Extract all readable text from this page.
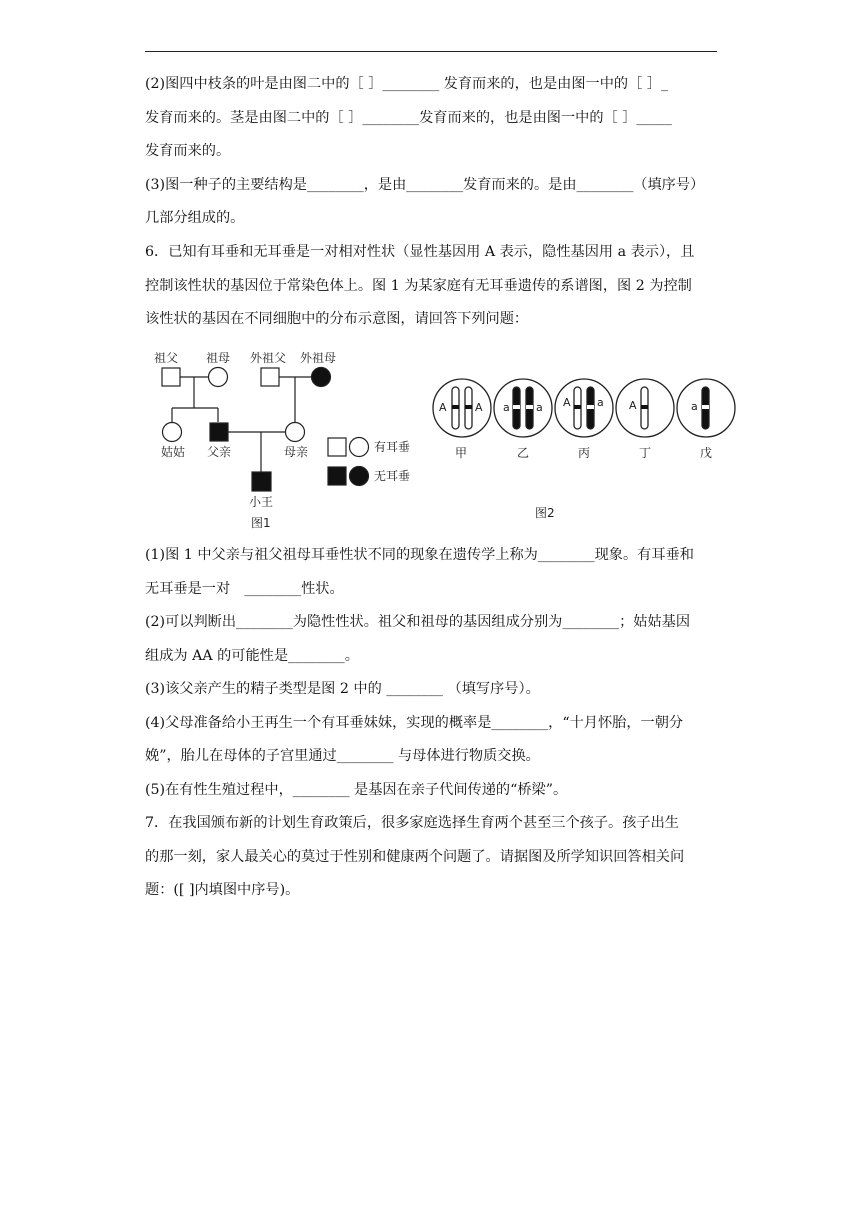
(2)图四中枝条的叶是由图二中的［ ］________ 发育而来的，也是由图一中的［ ］_
发育而来的。茎是由图二中的［ ］________发育而来的，也是由图一中的［ ］_____
发育而来的。
(3)图一种子的主要结构是________，是由________发育而来的。是由________（填序号）
几部分组成的。
6．已知有耳垂和无耳垂是一对相对性状（显性基因用 A 表示，隐性基因用 a 表示），且
控制该性状的基因位于常染色体上。图 1 为某家庭有无耳垂遗传的系谱图，图 2 为控制
该性状的基因在不同细胞中的分布示意图，请回答下列问题：
祖父 祖母 外祖父 外祖母
姑姑 父亲	母亲
小王
图1
有耳垂
无耳垂
A	A a a A a A	a
甲	乙	丙	丁	戊
图2
(1)图 1 中父亲与祖父祖母耳垂性状不同的现象在遗传学上称为________现象。有耳垂和
无耳垂是一对　________性状。
(2)可以判断出________为隐性性状。祖父和祖母的基因组成分别为________；姑姑基因
组成为 AA 的可能性是________。
(3)该父亲产生的精子类型是图 2 中的 ________ （填写序号）。
(4)父母准备给小王再生一个有耳垂妹妹，实现的概率是________，“十月怀胎，一朝分
娩”，胎儿在母体的子宫里通过________ 与母体进行物质交换。
(5)在有性生殖过程中，________ 是基因在亲子代间传递的“桥梁”。
7．在我国颁布新的计划生育政策后，很多家庭选择生育两个甚至三个孩子。孩子出生
的那一刻，家人最关心的莫过于性别和健康两个问题了。请据图及所学知识回答相关问
题：([ ]内填图中序号)。
